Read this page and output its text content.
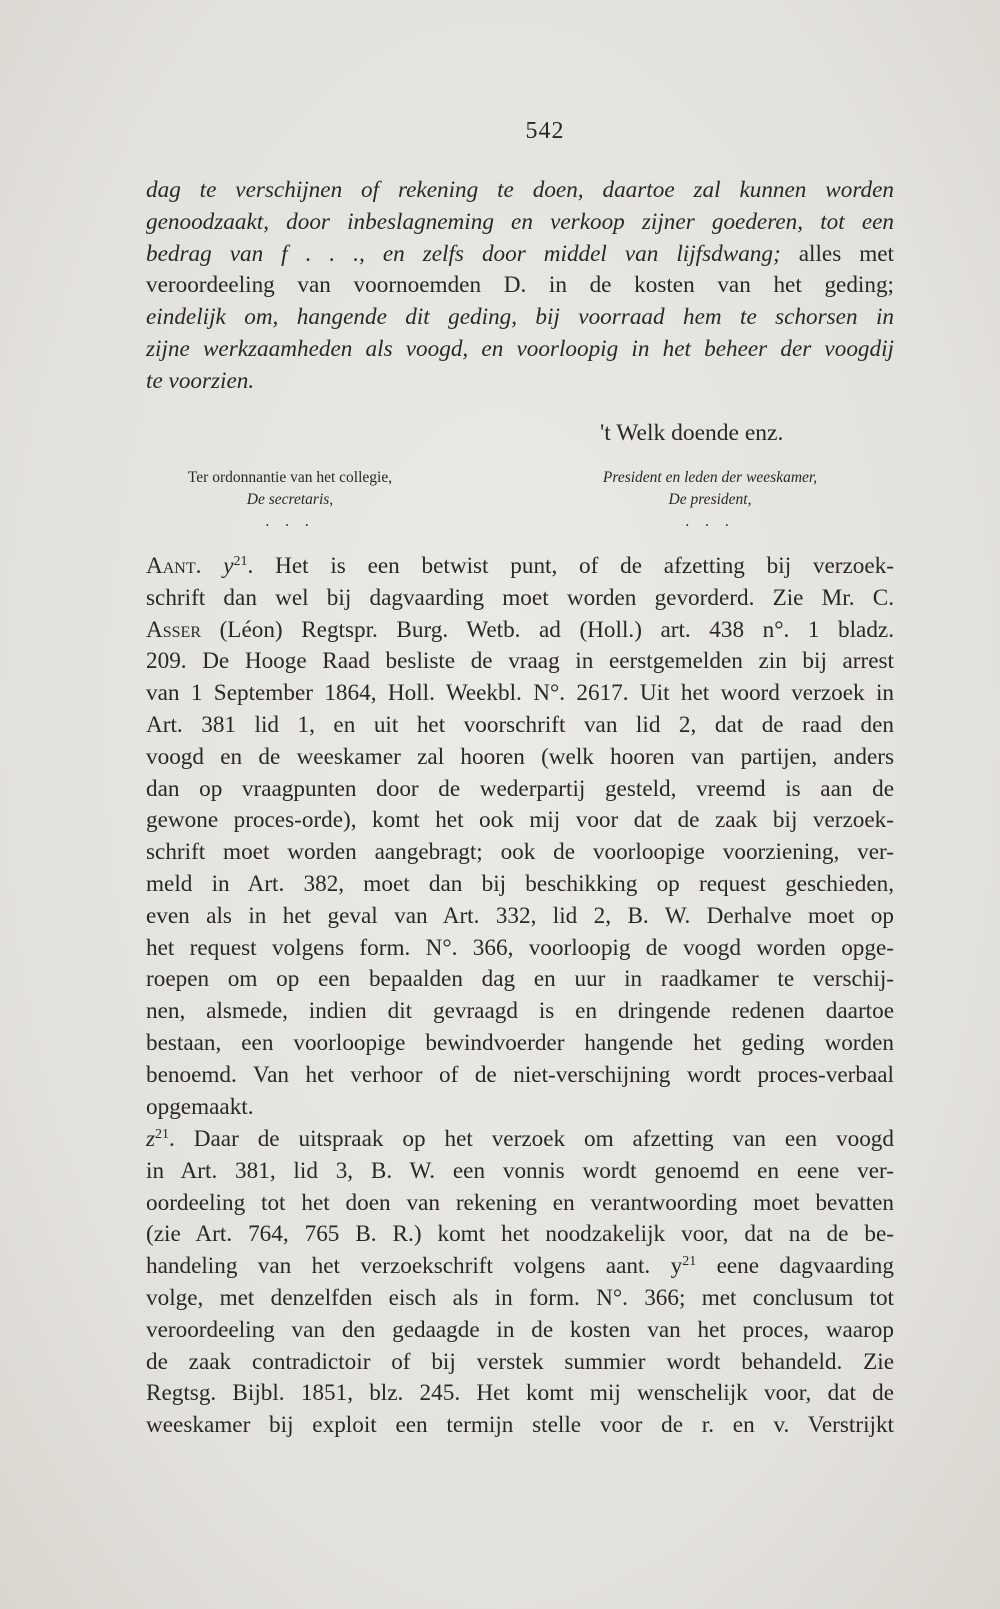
542
dag te verschijnen of rekening te doen, daartoe zal kunnen worden
genoodzaakt, door inbeslagneming en verkoop zijner goederen, tot een
bedrag van f . . ., en zelfs door middel van lijfsdwang; alles met
veroordeeling van voornoemden D. in de kosten van het geding;
eindelijk om, hangende dit geding, bij voorraad hem te schorsen in
zijne werkzaamheden als voogd, en voorloopig in het beheer der voogdij
te voorzien.
't Welk doende enz.
Ter ordonnantie van het collegie,
De secretaris,
. . .
President en leden der weeskamer,
De president,
. . .
Aant. $y^{21}$. Het is een betwist punt, of de afzetting bij verzoek-
schrift dan wel bij dagvaarding moet worden gevorderd. Zie Mr. C.
Asser (Léon) Regtspr. Burg. Wetb. ad (Holl.) art. 438 n°. 1 bladz.
209. De Hooge Raad besliste de vraag in eerstgemelden zin bij arrest
van 1 September 1864, Holl. Weekbl. N°. 2617. Uit het woord verzoek in
Art. 381 lid 1, en uit het voorschrift van lid 2, dat de raad den
voogd en de weeskamer zal hooren (welk hooren van partijen, anders
dan op vraagpunten door de wederpartij gesteld, vreemd is aan de
gewone proces-orde), komt het ook mij voor dat de zaak bij verzoek-
schrift moet worden aangebragt; ook de voorloopige voorziening, ver-
meld in Art. 382, moet dan bij beschikking op request geschieden,
even als in het geval van Art. 332, lid 2, B. W. Derhalve moet op
het request volgens form. N°. 366, voorloopig de voogd worden opge-
roepen om op een bepaalden dag en uur in raadkamer te verschij-
nen, alsmede, indien dit gevraagd is en dringende redenen daartoe
bestaan, een voorloopige bewindvoerder hangende het geding worden
benoemd. Van het verhoor of de niet-verschijning wordt proces-verbaal
opgemaakt.
$z^{21}$. Daar de uitspraak op het verzoek om afzetting van een voogd
in Art. 381, lid 3, B. W. een vonnis wordt genoemd en eene ver-
oordeeling tot het doen van rekening en verantwoording moet bevatten
(zie Art. 764, 765 B. R.) komt het noodzakelijk voor, dat na de be-
handeling van het verzoekschrift volgens aant. $y^{21}$ eene dagvaarding
volge, met denzelfden eisch als in form. N°. 366; met conclusum tot
veroordeeling van den gedaagde in de kosten van het proces, waarop
de zaak contradictoir of bij verstek summier wordt behandeld. Zie
Regtsg. Bijbl. 1851, blz. 245. Het komt mij wenschelijk voor, dat de
weeskamer bij exploit een termijn stelle voor de r. en v. Verstrijkt
